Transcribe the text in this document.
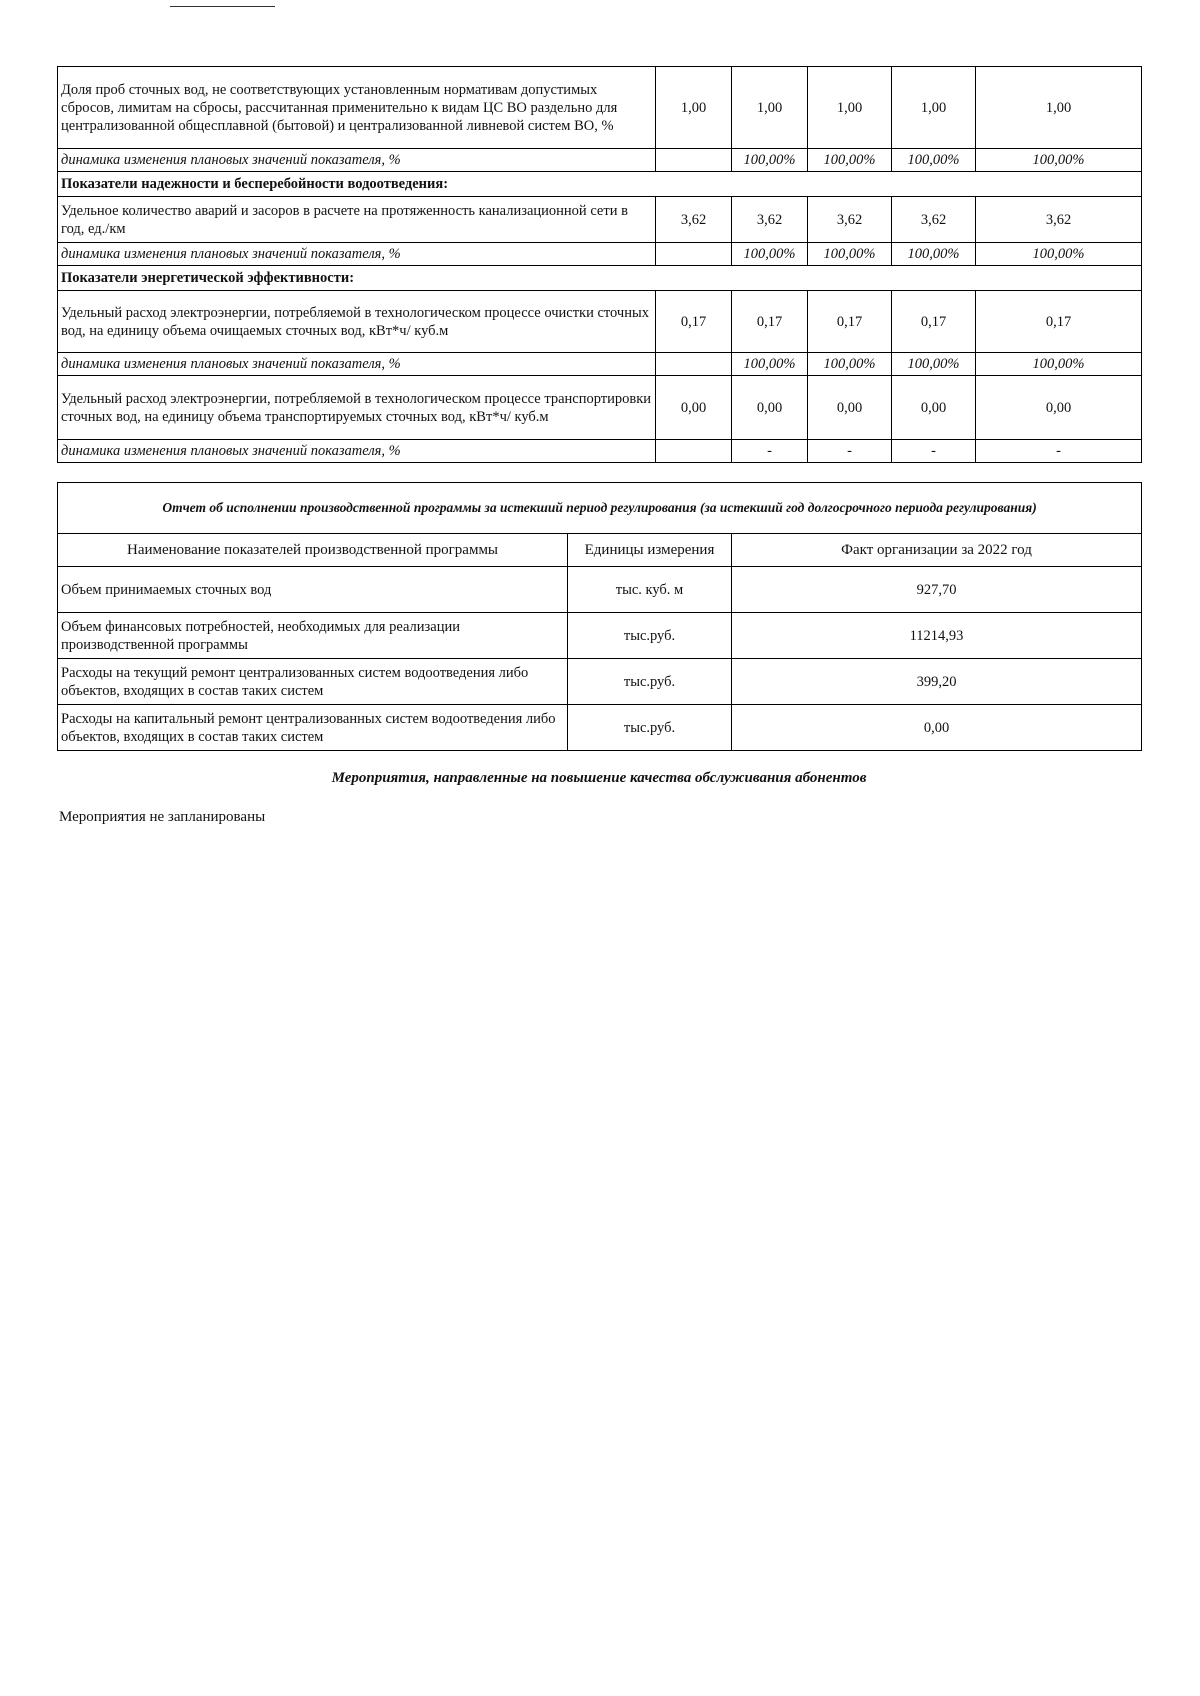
Доля проб сточных вод, не соответствующих установленным нормативам допустимых сбросов, лимитам на сбросы, рассчитанная применительно к видам ЦС ВО раздельно для централизованной общесплавной (бытовой) и централизованной ливневой систем ВО, %	1,00	1,00	1,00	1,00	1,00
динамика изменения плановых значений показателя, %		100,00%	100,00%	100,00%	100,00%
Показатели надежности и бесперебойности водоотведения:					
Удельное количество аварий и засоров в расчете на протяженность канализационной сети в год, ед./км	3,62	3,62	3,62	3,62	3,62
динамика изменения плановых значений показателя, %		100,00%	100,00%	100,00%	100,00%
Показатели энергетической эффективности:					
Удельный расход электроэнергии, потребляемой в технологическом процессе очистки сточных вод, на единицу объема очищаемых сточных вод, кВт*ч/ куб.м	0,17	0,17	0,17	0,17	0,17
динамика изменения плановых значений показателя, %		100,00%	100,00%	100,00%	100,00%
Удельный расход электроэнергии, потребляемой в технологическом процессе транспортировки сточных вод, на единицу объема транспортируемых сточных вод, кВт*ч/ куб.м	0,00	0,00	0,00	0,00	0,00
динамика изменения плановых значений показателя, %		-	-	-	-
Отчет об исполнении производственной программы за истекший период регулирования (за истекший год долгосрочного периода регулирования)		
Наименование показателей производственной программы	Единицы измерения	Факт организации за 2022 год
Объем принимаемых сточных вод	тыс. куб. м	927,70
Объем финансовых потребностей, необходимых для реализации производственной программы	тыс.руб.	11214,93
Расходы на текущий ремонт централизованных систем водоотведения либо объектов, входящих в состав таких систем	тыс.руб.	399,20
Расходы на капитальный ремонт централизованных систем водоотведения либо объектов, входящих в состав таких систем	тыс.руб.	0,00
Мероприятия, направленные на повышение качества обслуживания абонентов
Мероприятия не запланированы
